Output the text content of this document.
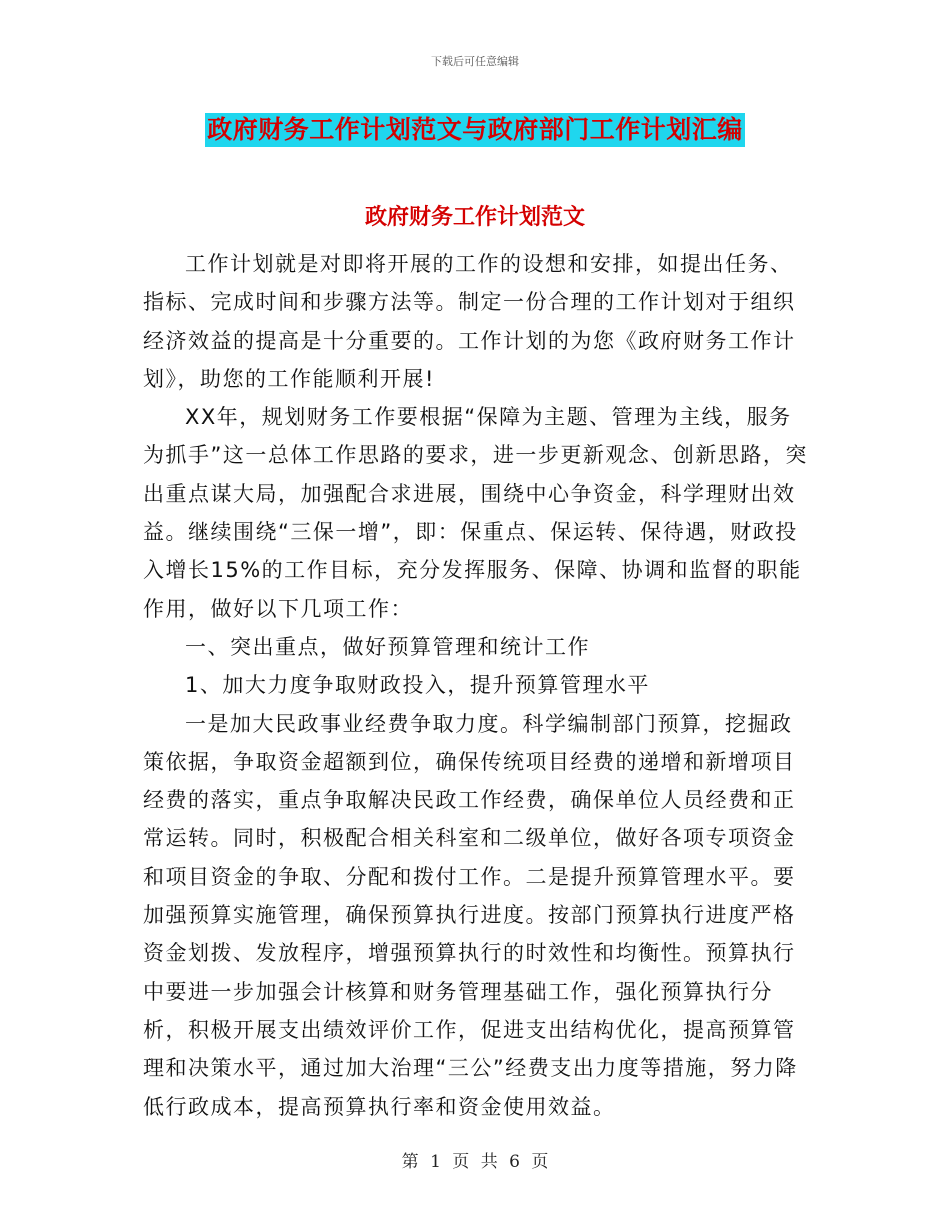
下载后可任意编辑
政府财务工作计划范文与政府部门工作计划汇编
政府财务工作计划范文

工作计划就是对即将开展的工作的设想和安排，如提出任务、指标、完成时间和步骤方法等。制定一份合理的工作计划对于组织经济效益的提高是十分重要的。工作计划的为您《政府财务工作计划》，助您的工作能顺利开展!

XX年，规划财务工作要根据“保障为主题、管理为主线，服务为抓手”这一总体工作思路的要求，进一步更新观念、创新思路，突出重点谋大局，加强配合求进展，围绕中心争资金，科学理财出效益。继续围绕“三保一增”，即：保重点、保运转、保待遇，财政投入增长15%的工作目标，充分发挥服务、保障、协调和监督的职能作用，做好以下几项工作：

一、突出重点，做好预算管理和统计工作

1、加大力度争取财政投入，提升预算管理水平

一是加大民政事业经费争取力度。科学编制部门预算，挖掘政策依据，争取资金超额到位，确保传统项目经费的递增和新增项目经费的落实，重点争取解决民政工作经费，确保单位人员经费和正常运转。同时，积极配合相关科室和二级单位，做好各项专项资金和项目资金的争取、分配和拨付工作。二是提升预算管理水平。要加强预算实施管理，确保预算执行进度。按部门预算执行进度严格资金划拨、发放程序，增强预算执行的时效性和均衡性。预算执行中要进一步加强会计核算和财务管理基础工作，强化预算执行分析，积极开展支出绩效评价工作，促进支出结构优化，提高预算管理和决策水平，通过加大治理“三公”经费支出力度等措施，努力降低行政成本，提高预算执行率和资金使用效益。

第 1 页 共 6 页
